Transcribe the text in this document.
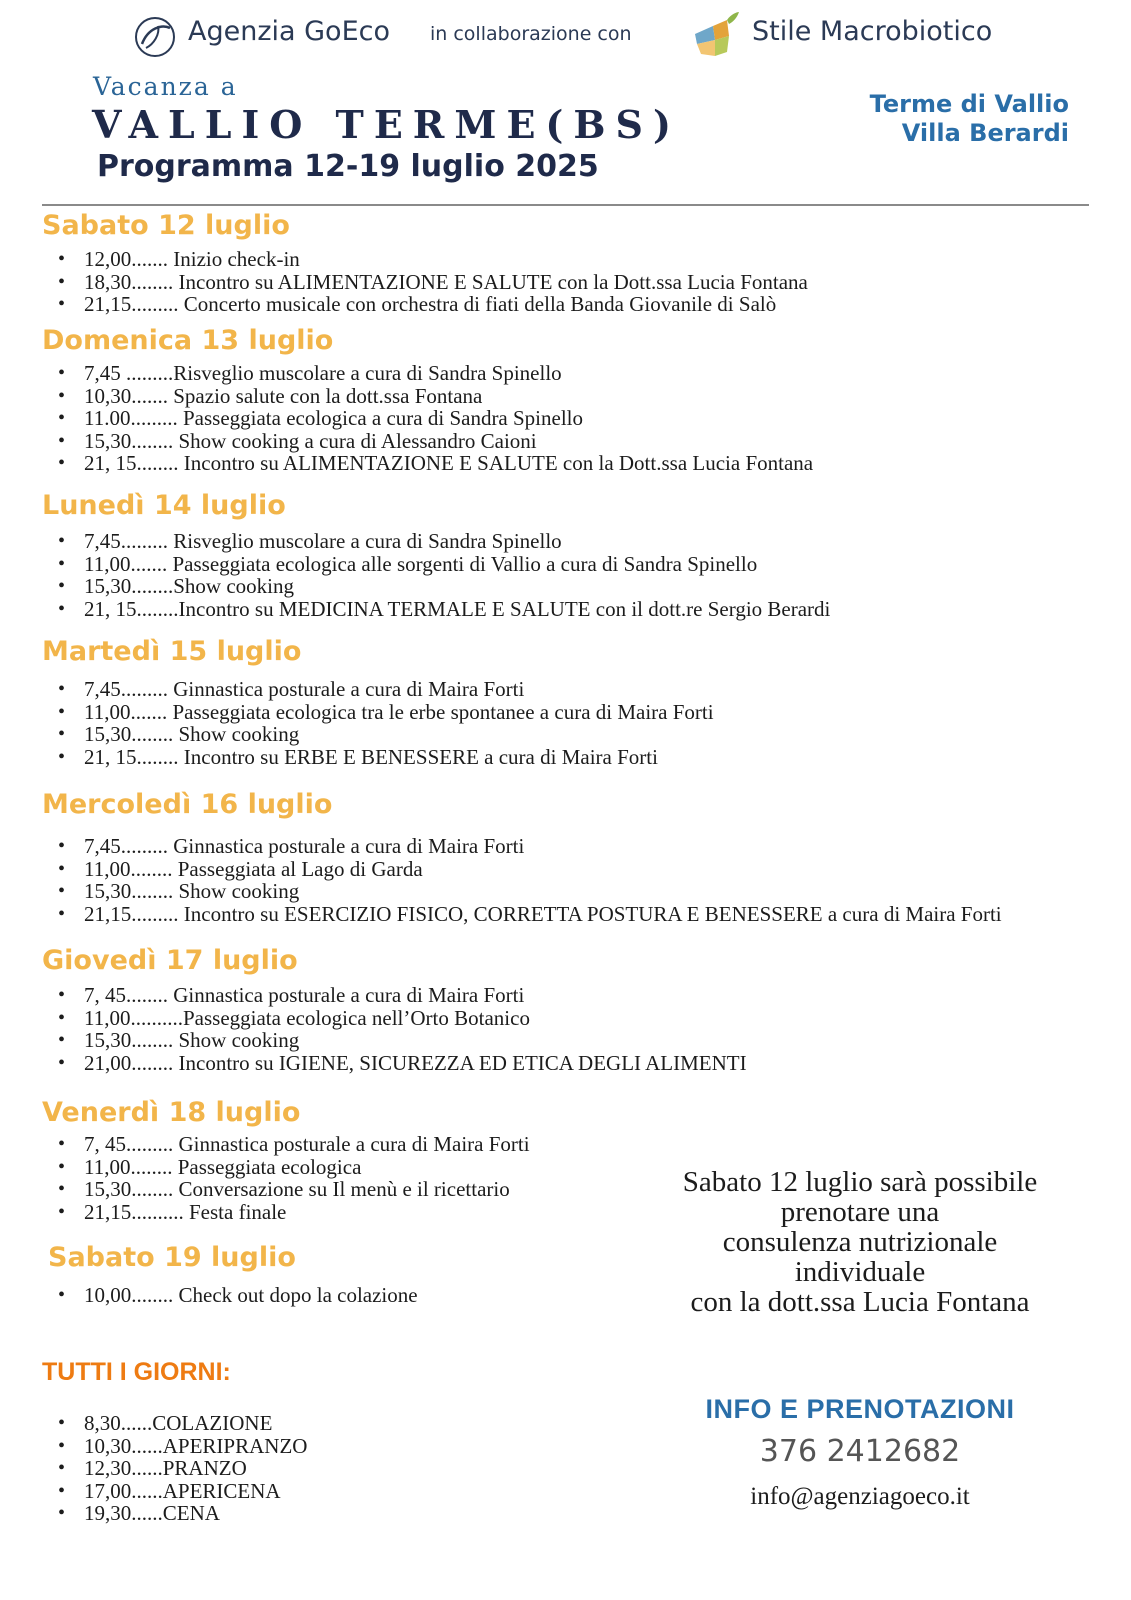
Agenzia GoEco in collaborazione con	Stile Macrobiotico
Vacanza a
VALLIO TERME(BS)
Programma 12-19 luglio 2025
Terme di Vallio
Villa Berardi
Sabato 12 luglio
• 12,00....... Inizio check-in
• 18,30........ Incontro su ALIMENTAZIONE E SALUTE con la Dott.ssa Lucia Fontana
• 21,15......... Concerto musicale con orchestra di fiati della Banda Giovanile di Salò
Domenica 13 luglio
• 7,45 .........Risveglio muscolare a cura di Sandra Spinello
• 10,30....... Spazio salute con la dott.ssa Fontana
• 11.00......... Passeggiata ecologica a cura di Sandra Spinello
• 15,30........ Show cooking a cura di Alessandro Caioni
• 21, 15........ Incontro su ALIMENTAZIONE E SALUTE con la Dott.ssa Lucia Fontana
Lunedì 14 luglio
• 7,45......... Risveglio muscolare a cura di Sandra Spinello
• 11,00....... Passeggiata ecologica alle sorgenti di Vallio a cura di Sandra Spinello
• 15,30........Show cooking
• 21, 15........Incontro su MEDICINA TERMALE E SALUTE con il dott.re Sergio Berardi
Martedì 15 luglio
• 7,45......... Ginnastica posturale a cura di Maira Forti
• 11,00....... Passeggiata ecologica tra le erbe spontanee a cura di Maira Forti
• 15,30........ Show cooking
• 21, 15........ Incontro su ERBE E BENESSERE a cura di Maira Forti
Mercoledì 16 luglio
• 7,45......... Ginnastica posturale a cura di Maira Forti
• 11,00........ Passeggiata al Lago di Garda
• 15,30........ Show cooking
• 21,15......... Incontro su ESERCIZIO FISICO, CORRETTA POSTURA E BENESSERE a cura di Maira Forti
Giovedì 17 luglio
• 7, 45........ Ginnastica posturale a cura di Maira Forti
• 11,00..........Passeggiata ecologica nell’Orto Botanico
• 15,30........ Show cooking
• 21,00........ Incontro su IGIENE, SICUREZZA ED ETICA DEGLI ALIMENTI
Venerdì 18 luglio
• 7, 45......... Ginnastica posturale a cura di Maira Forti
• 11,00........ Passeggiata ecologica
• 15,30........ Conversazione su Il menù e il ricettario
• 21,15.......... Festa finale
Sabato 19 luglio
• 10,00........ Check out dopo la colazione
TUTTI I GIORNI:
• 8,30......COLAZIONE
• 10,30......APERIPRANZO
• 12,30......PRANZO
• 17,00......APERICENA
• 19,30......CENA
Sabato 12 luglio sarà possibile
prenotare una
consulenza nutrizionale
individuale
con la dott.ssa Lucia Fontana
INFO E PRENOTAZIONI
376 2412682
info@agenziagoeco.it
